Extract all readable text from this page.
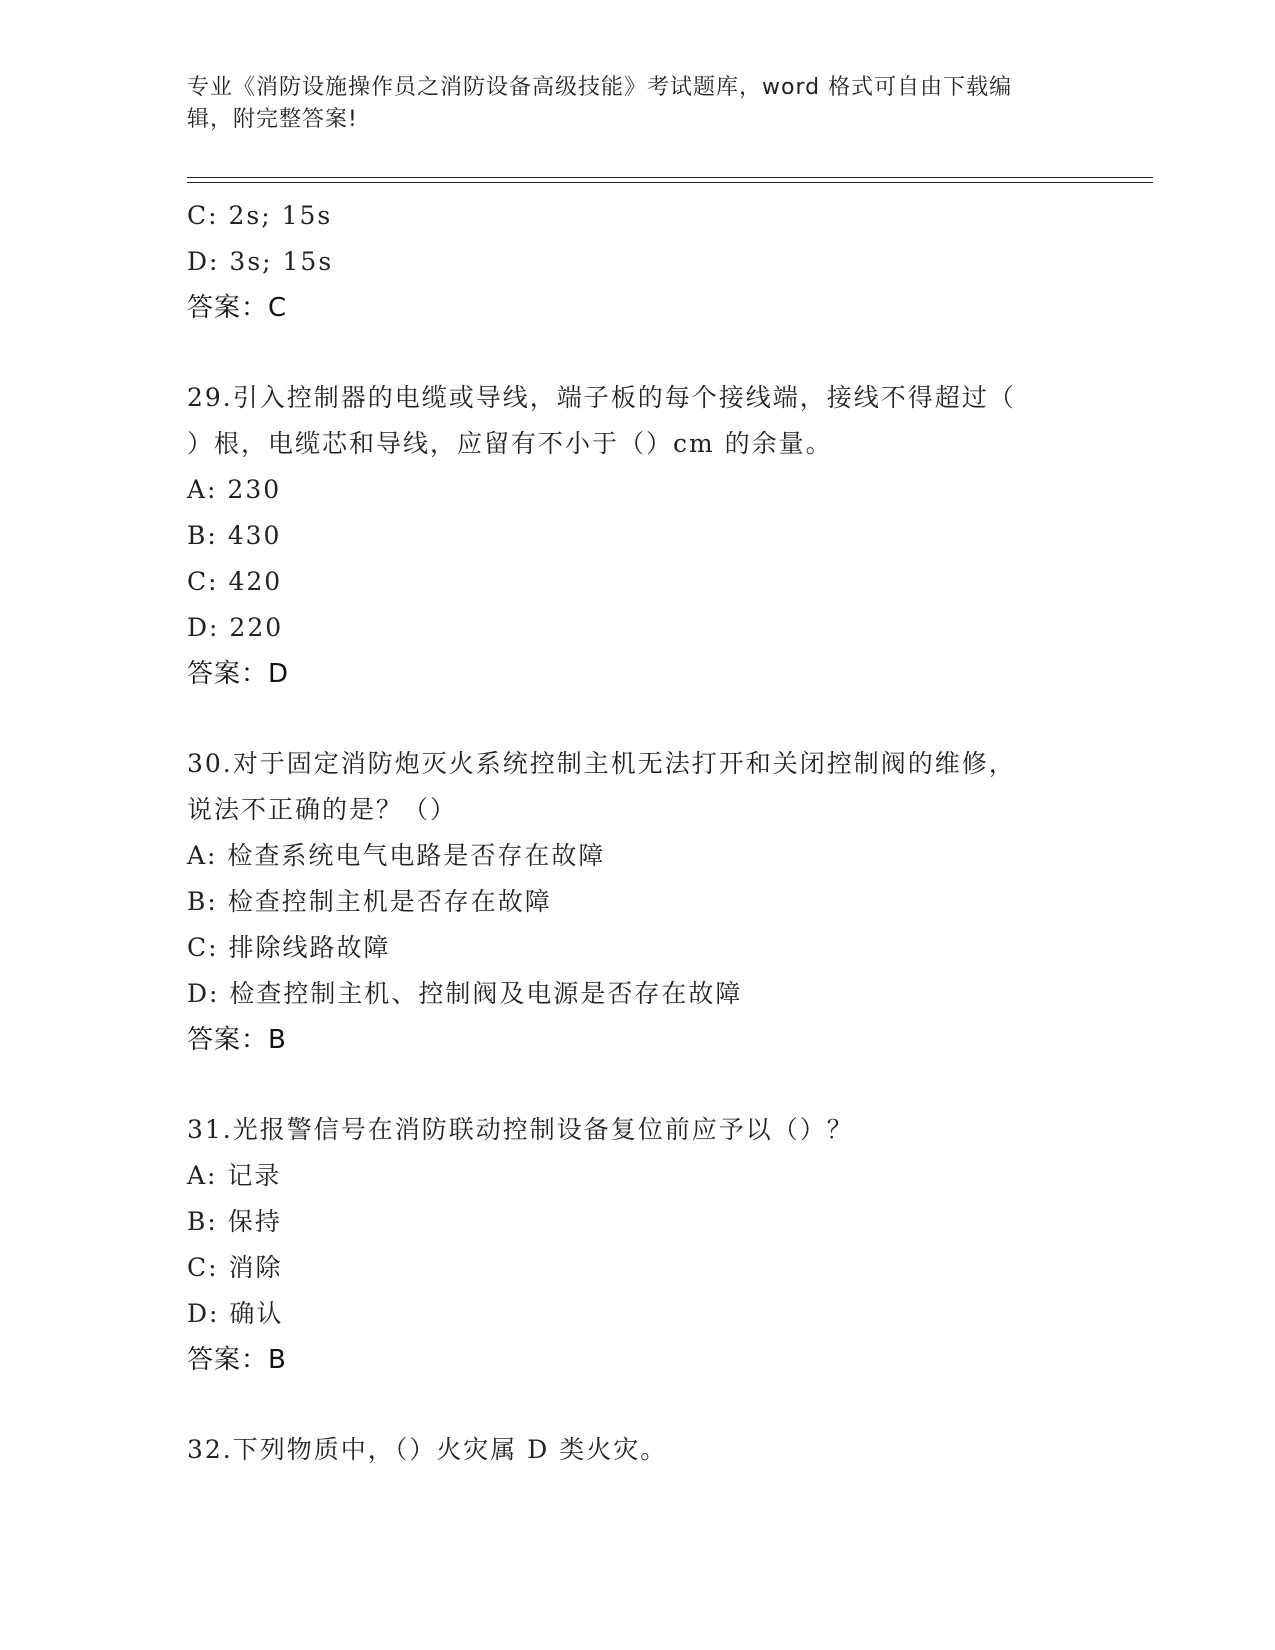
专业《消防设施操作员之消防设备高级技能》考试题库，word 格式可自由下载编
辑，附完整答案!
C: 2s; 15s
D: 3s; 15s
答案：C
29.引入控制器的电缆或导线，端子板的每个接线端，接线不得超过（
）根，电缆芯和导线，应留有不小于（）cm 的余量。
A: 230
B: 430
C: 420
D: 220
答案：D
30.对于固定消防炮灭火系统控制主机无法打开和关闭控制阀的维修，
说法不正确的是？（）
A: 检查系统电气电路是否存在故障
B: 检查控制主机是否存在故障
C: 排除线路故障
D: 检查控制主机、控制阀及电源是否存在故障
答案：B
31.光报警信号在消防联动控制设备复位前应予以（）？
A: 记录
B: 保持
C: 消除
D: 确认
答案：B
32.下列物质中，（）火灾属 D 类火灾。
